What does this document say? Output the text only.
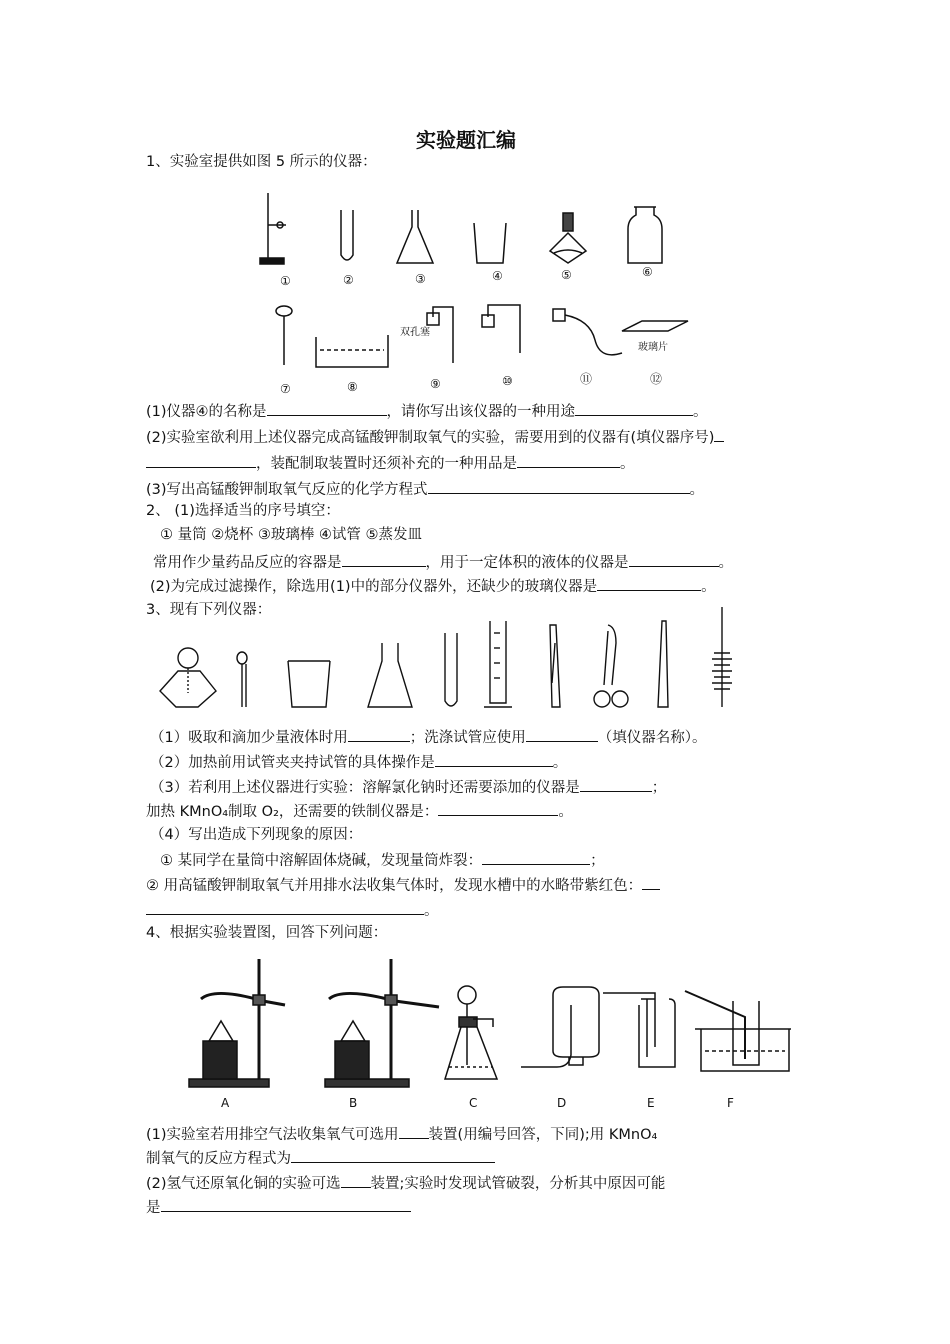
实验题汇编
1、实验室提供如图 5 所示的仪器：
①	②	③	④	⑤	⑥
⑦	⑧	⑨	⑩	⑪	⑫
双孔塞
玻璃片
(1)仪器④的名称是	，请你写出该仪器的一种用途	。
(2)实验室欲利用上述仪器完成高锰酸钾制取氧气的实验，需要用到的仪器有(填仪器序号)
，装配制取装置时还须补充的一种用品是	。
(3)写出高锰酸钾制取氧气反应的化学方程式	。
2、 (1)选择适当的序号填空：
① 量筒 ②烧杯 ③玻璃棒 ④试管 ⑤蒸发皿
常用作少量药品反应的容器是	，用于一定体积的液体的仪器是	。
(2)为完成过滤操作，除选用(1)中的部分仪器外，还缺少的玻璃仪器是	。
3、现有下列仪器：
（1）吸取和滴加少量液体时用	；洗涤试管应使用	（填仪器名称）。
（2）加热前用试管夹夹持试管的具体操作是	。
（3）若利用上述仪器进行实验：溶解氯化钠时还需要添加的仪器是	；
加热 KMnO₄制取 O₂，还需要的铁制仪器是：	。
（4）写出造成下列现象的原因：
① 某同学在量筒中溶解固体烧碱，发现量筒炸裂：	；
② 用高锰酸钾制取氧气并用排水法收集气体时，发现水槽中的水略带紫红色：
。
4、根据实验装置图，回答下列问题：
A	B	C	D	E	F
(1)实验室若用排空气法收集氧气可选用 装置(用编号回答，下同);用 KMnO₄
制氧气的反应方程式为
(2)氢气还原氧化铜的实验可选 装置;实验时发现试管破裂，分析其中原因可能
是
